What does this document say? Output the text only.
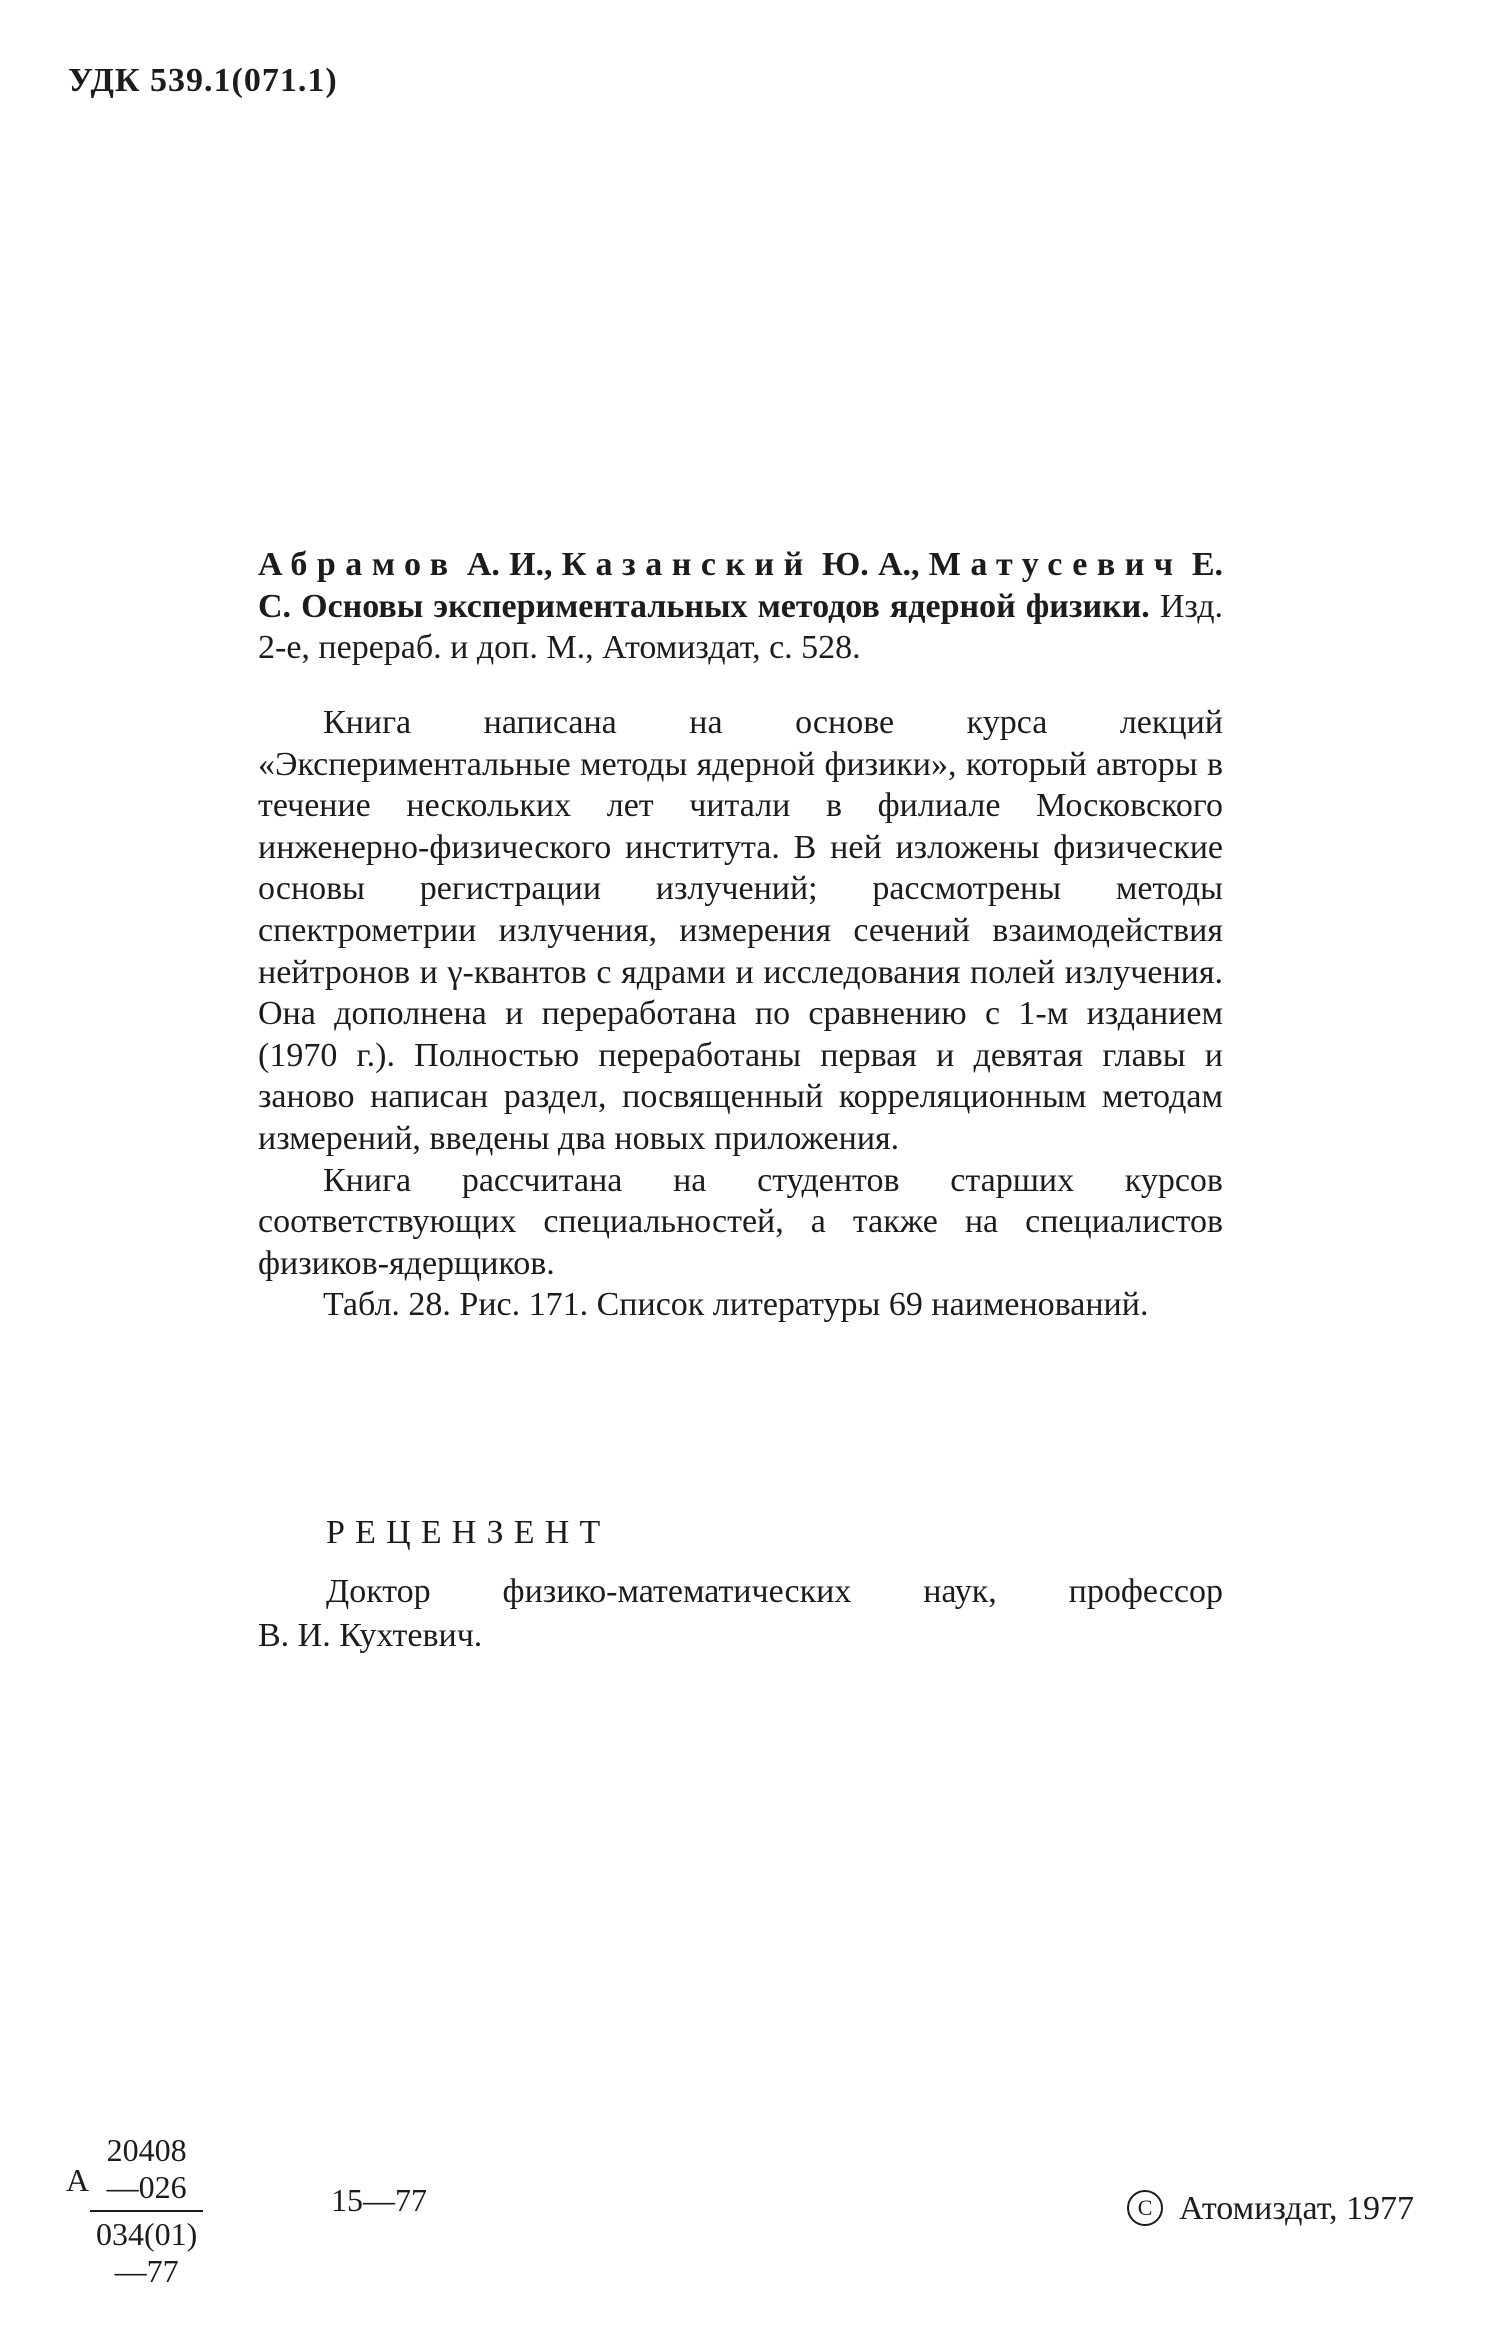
УДК 539.1(071.1)

Абрамов А. И., Казанский Ю. А., Матусевич Е. С. Основы экспериментальных методов ядерной физики. Изд. 2-е, перераб. и доп. М., Атомиздат, с. 528.

Книга написана на основе курса лекций «Экспериментальные методы ядерной физики», который авторы в течение нескольких лет читали в филиале Московского инженерно-физического института. В ней изложены физические основы регистрации излучений; рассмотрены методы спектрометрии излучения, измерения сечений взаимодействия нейтронов и γ-квантов с ядрами и исследования полей излучения. Она дополнена и переработана по сравнению с 1-м изданием (1970 г.). Полностью переработаны первая и девятая главы и заново написан раздел, посвященный корреляционным методам измерений, введены два новых приложения.

Книга рассчитана на студентов старших курсов соответствующих специальностей, а также на специалистов физиков-ядерщиков.

Табл. 28. Рис. 171. Список литературы 69 наименований.

РЕЦЕНЗЕНТ

Доктор физико-математических наук, профессор

В. И. Кухтевич.

А $\frac{20408—026}{034(01)—77}$	15—77	C Атомиздат, 1977
